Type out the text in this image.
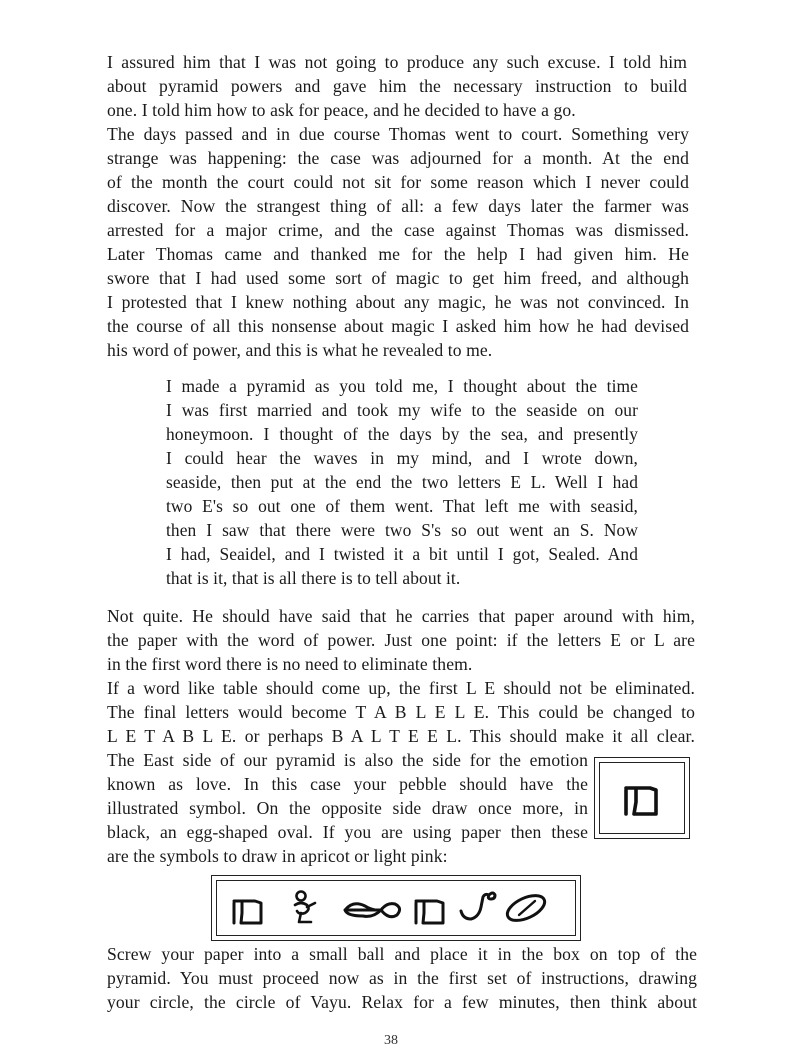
I assured him that I was not going to produce any such excuse. I told him
about pyramid powers and gave him the necessary instruction to build
one. I told him how to ask for peace, and he decided to have a go.
The days passed and in due course Thomas went to court. Something very
strange was happening: the case was adjourned for a month. At the end
of the month the court could not sit for some reason which I never could
discover. Now the strangest thing of all: a few days later the farmer was
arrested for a major crime, and the case against Thomas was dismissed.
Later Thomas came and thanked me for the help I had given him. He
swore that I had used some sort of magic to get him freed, and although
I protested that I knew nothing about any magic, he was not convinced. In
the course of all this nonsense about magic I asked him how he had devised
his word of power, and this is what he revealed to me.
I made a pyramid as you told me, I thought about the time
I was first married and took my wife to the seaside on our
honeymoon. I thought of the days by the sea, and presently
I could hear the waves in my mind, and I wrote down,
seaside, then put at the end the two letters E L. Well I had
two E's so out one of them went. That left me with seasid,
then I saw that there were two S's so out went an S. Now
I had, Seaidel, and I twisted it a bit until I got, Sealed. And
that is it, that is all there is to tell about it.
Not quite. He should have said that he carries that paper around with him,
the paper with the word of power. Just one point: if the letters E or L are
in the first word there is no need to eliminate them.
If a word like table should come up, the first L E should not be eliminated.
The final letters would become T A B L E L E. This could be changed to
L E T A B L E. or perhaps B A L T E E L. This should make it all clear.
The East side of our pyramid is also the side for the emotion
known as love. In this case your pebble should have the
illustrated symbol. On the opposite side draw once more, in
black, an egg-shaped oval. If you are using paper then these
are the symbols to draw in apricot or light pink:
Screw your paper into a small ball and place it in the box on top of the
pyramid. You must proceed now as in the first set of instructions, drawing
your circle, the circle of Vayu. Relax for a few minutes, then think about
38
